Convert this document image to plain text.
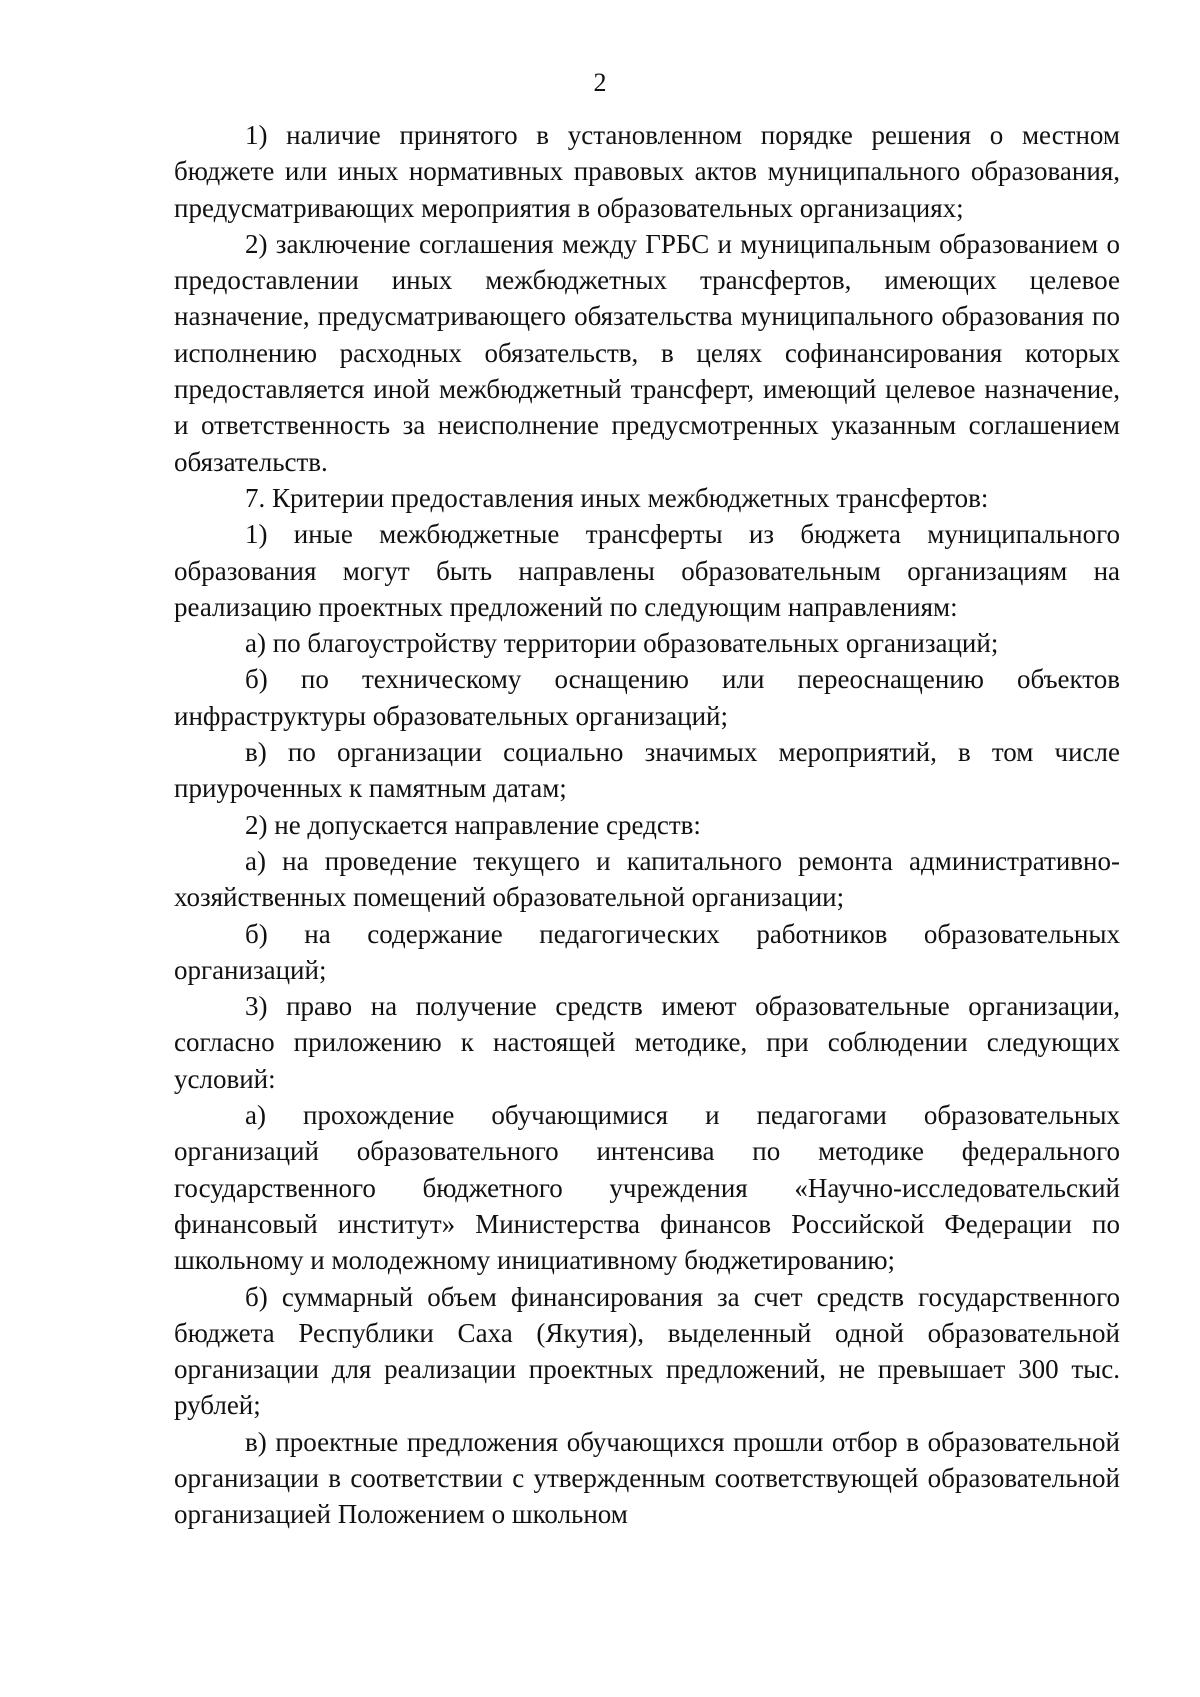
2

1) наличие принятого в установленном порядке решения о местном бюджете или иных нормативных правовых актов муниципального образования, предусматривающих мероприятия в образовательных организациях;

2) заключение соглашения между ГРБС и муниципальным образованием о предоставлении иных межбюджетных трансфертов, имеющих целевое назначение, предусматривающего обязательства муниципального образования по исполнению расходных обязательств, в целях софинансирования которых предоставляется иной межбюджетный трансферт, имеющий целевое назначение, и ответственность за неисполнение предусмотренных указанным соглашением обязательств.

7. Критерии предоставления иных межбюджетных трансфертов:

1) иные межбюджетные трансферты из бюджета муниципального образования могут быть направлены образовательным организациям на реализацию проектных предложений по следующим направлениям:

а) по благоустройству территории образовательных организаций;

б) по техническому оснащению или переоснащению объектов инфраструктуры образовательных организаций;

в) по организации социально значимых мероприятий, в том числе приуроченных к памятным датам;

2) не допускается направление средств:

а) на проведение текущего и капитального ремонта административно-хозяйственных помещений образовательной организации;

б) на содержание педагогических работников образовательных организаций;

3) право на получение средств имеют образовательные организации, согласно приложению к настоящей методике, при соблюдении следующих условий:

а) прохождение обучающимися и педагогами образовательных организаций образовательного интенсива по методике федерального государственного бюджетного учреждения «Научно-исследовательский финансовый институт» Министерства финансов Российской Федерации по школьному и молодежному инициативному бюджетированию;

б) суммарный объем финансирования за счет средств государственного бюджета Республики Саха (Якутия), выделенный одной образовательной организации для реализации проектных предложений, не превышает 300 тыс. рублей;

в) проектные предложения обучающихся прошли отбор в образовательной организации в соответствии с утвержденным соответствующей образовательной организацией Положением о школьном
